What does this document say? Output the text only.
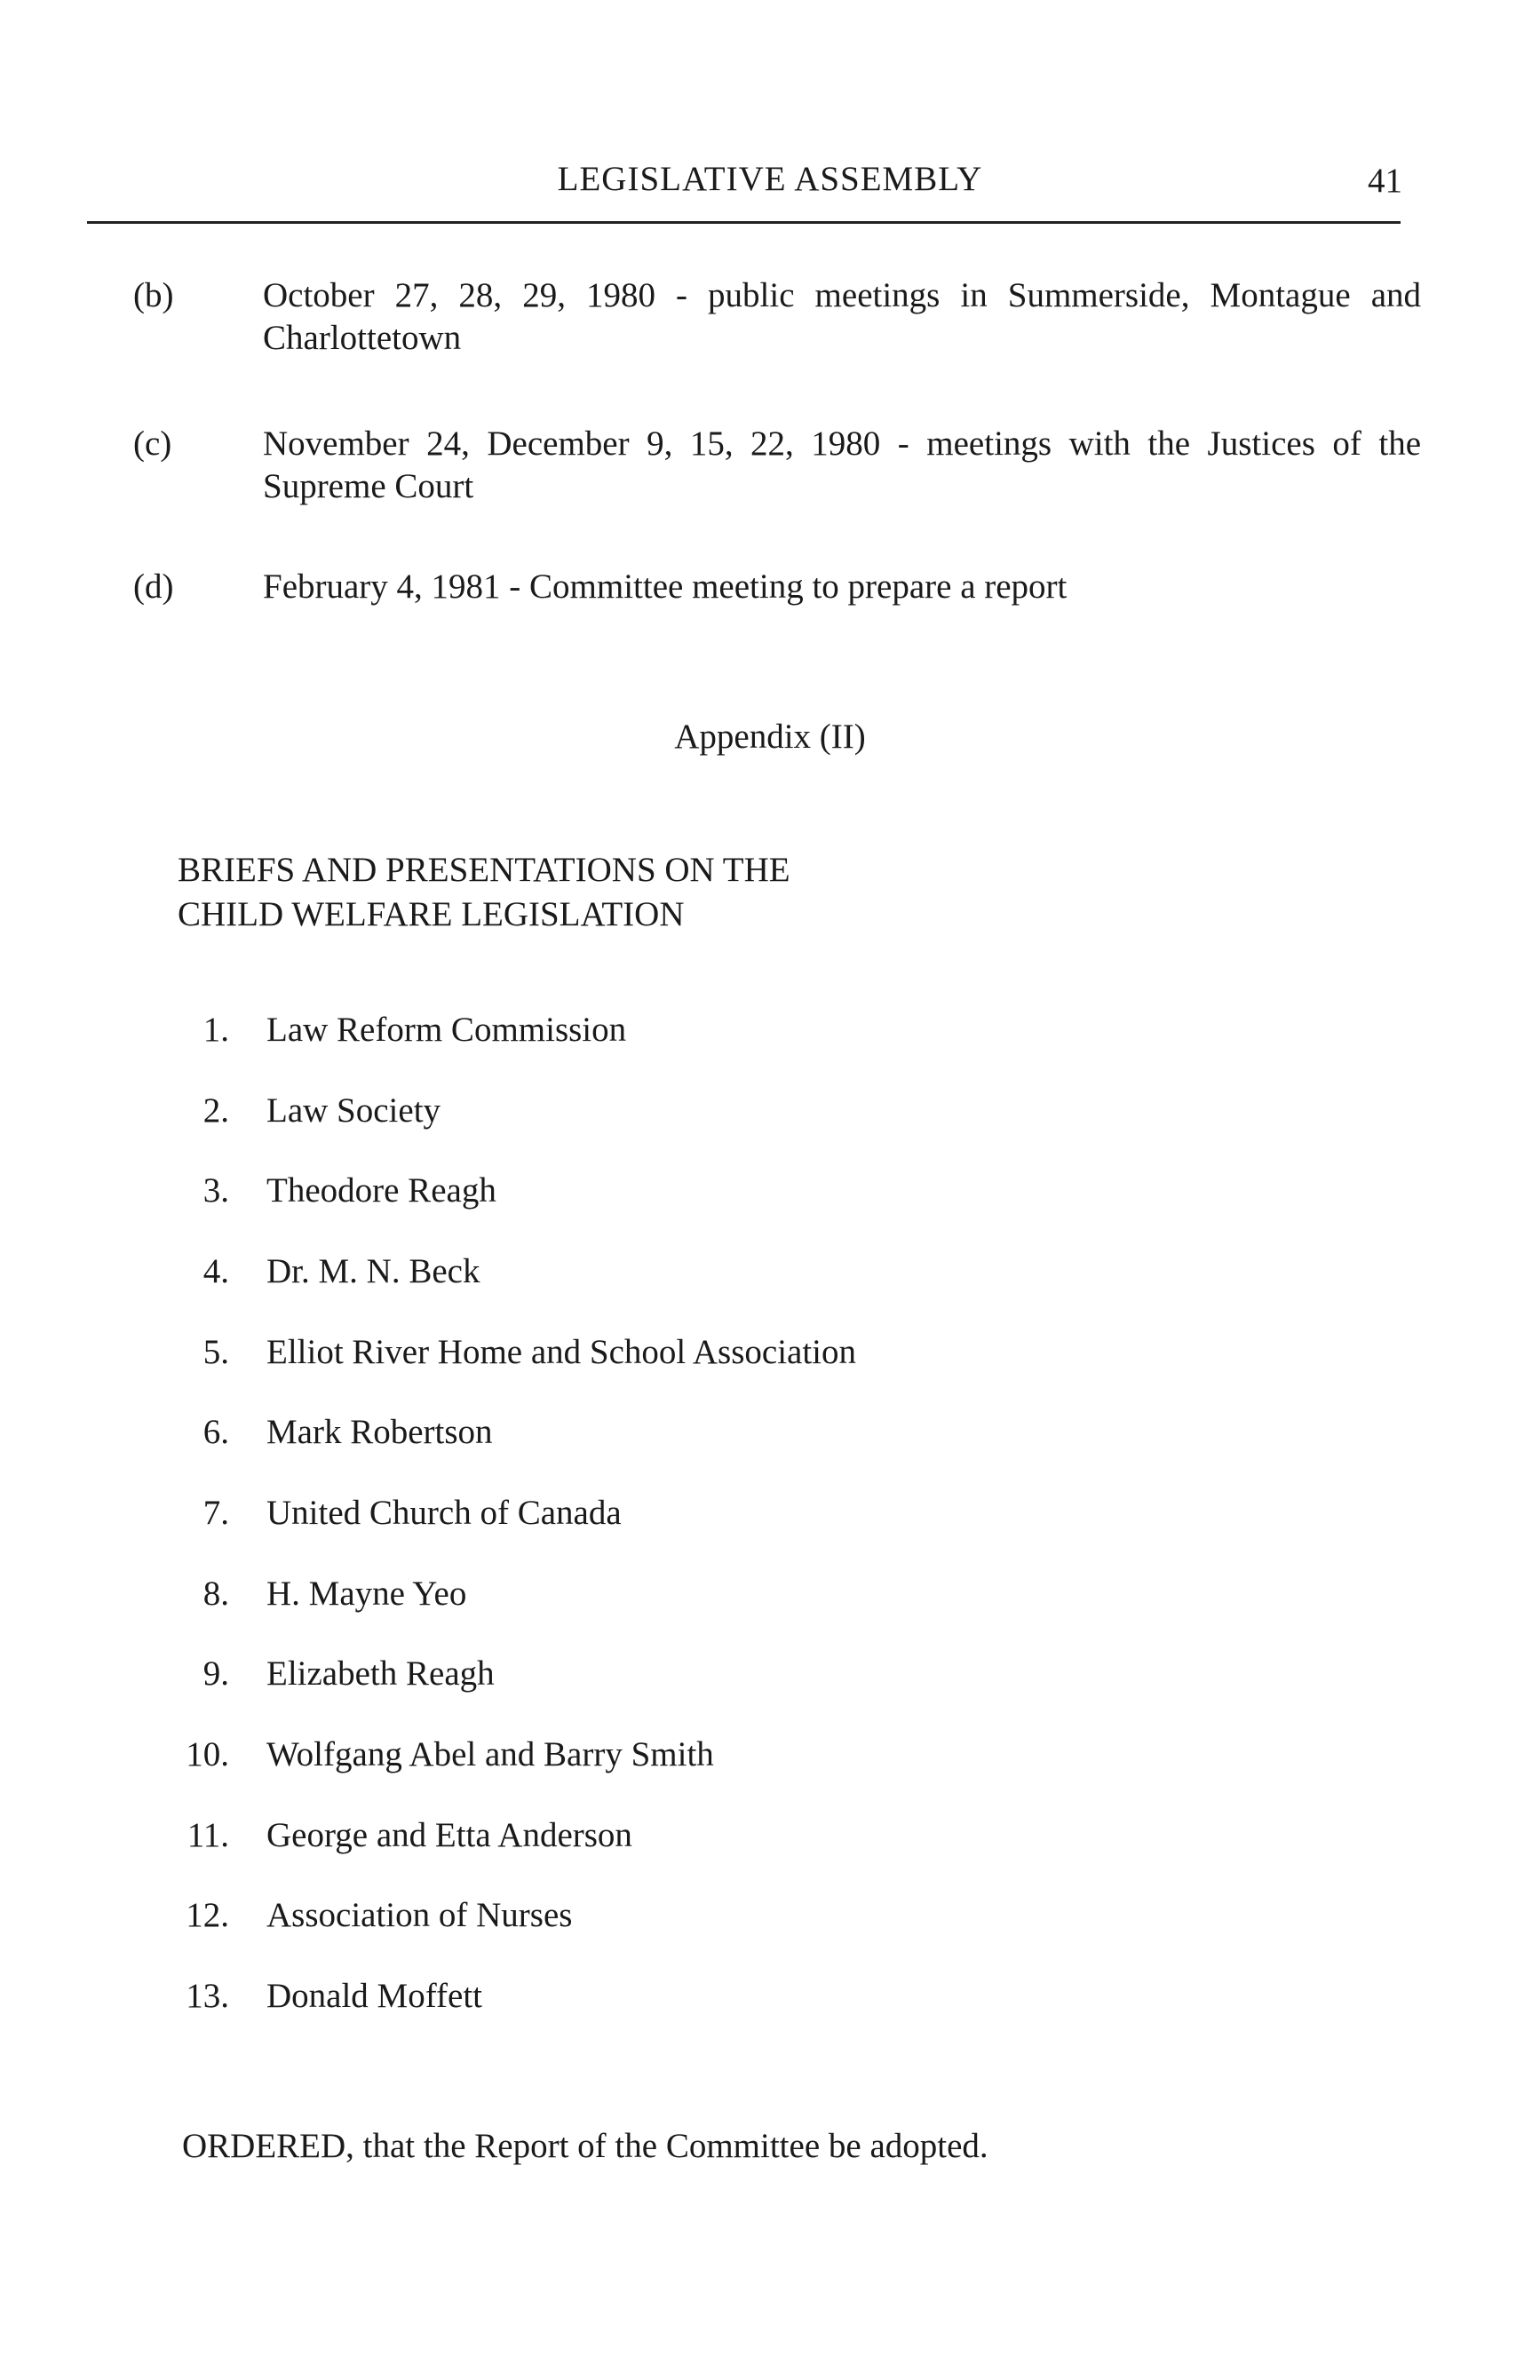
LEGISLATIVE ASSEMBLY	41
(b)	October 27, 28, 29, 1980 - public meetings in Summerside, Montague and Charlottetown
(c)	November 24, December 9, 15, 22, 1980 - meetings with the Justices of the Supreme Court
(d)	February 4, 1981 - Committee meeting to prepare a report
Appendix (II)
BRIEFS AND PRESENTATIONS ON THE
CHILD WELFARE LEGISLATION
1. Law Reform Commission
2. Law Society
3. Theodore Reagh
4. Dr. M. N. Beck
5. Elliot River Home and School Association
6. Mark Robertson
7. United Church of Canada
8. H. Mayne Yeo
9. Elizabeth Reagh
10. Wolfgang Abel and Barry Smith
11. George and Etta Anderson
12. Association of Nurses
13. Donald Moffett
ORDERED, that the Report of the Committee be adopted.
